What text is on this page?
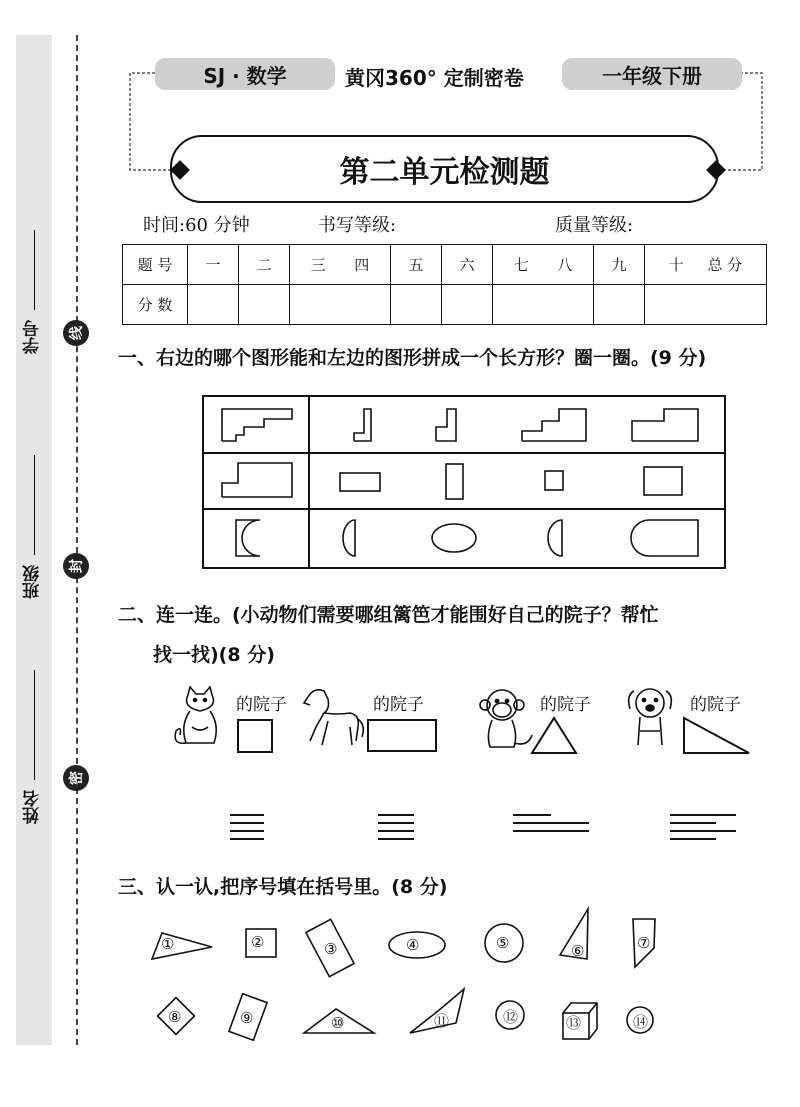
学号
班级
姓名
线
封
密
SJ · 数学	黄冈360° 定制密卷	一年级下册
第二单元检测题
时间:60 分钟	书写等级:	质量等级:
题 号	一	二	三 四	五	六	七 八	九	十 总 分
分 数								
一、右边的哪个图形能和左边的图形拼成一个长方形？圈一圈。(9 分)
二、连一连。(小动物们需要哪组篱笆才能围好自己的院子？帮忙
找一找)(8 分)
的院子	的院子	的院子	的院子
三、认一认,把序号填在括号里。(8 分)
①	②	③	④	⑤	⑥	⑦
⑧	⑨	⑩	⑪	⑫	⑬	⑭
